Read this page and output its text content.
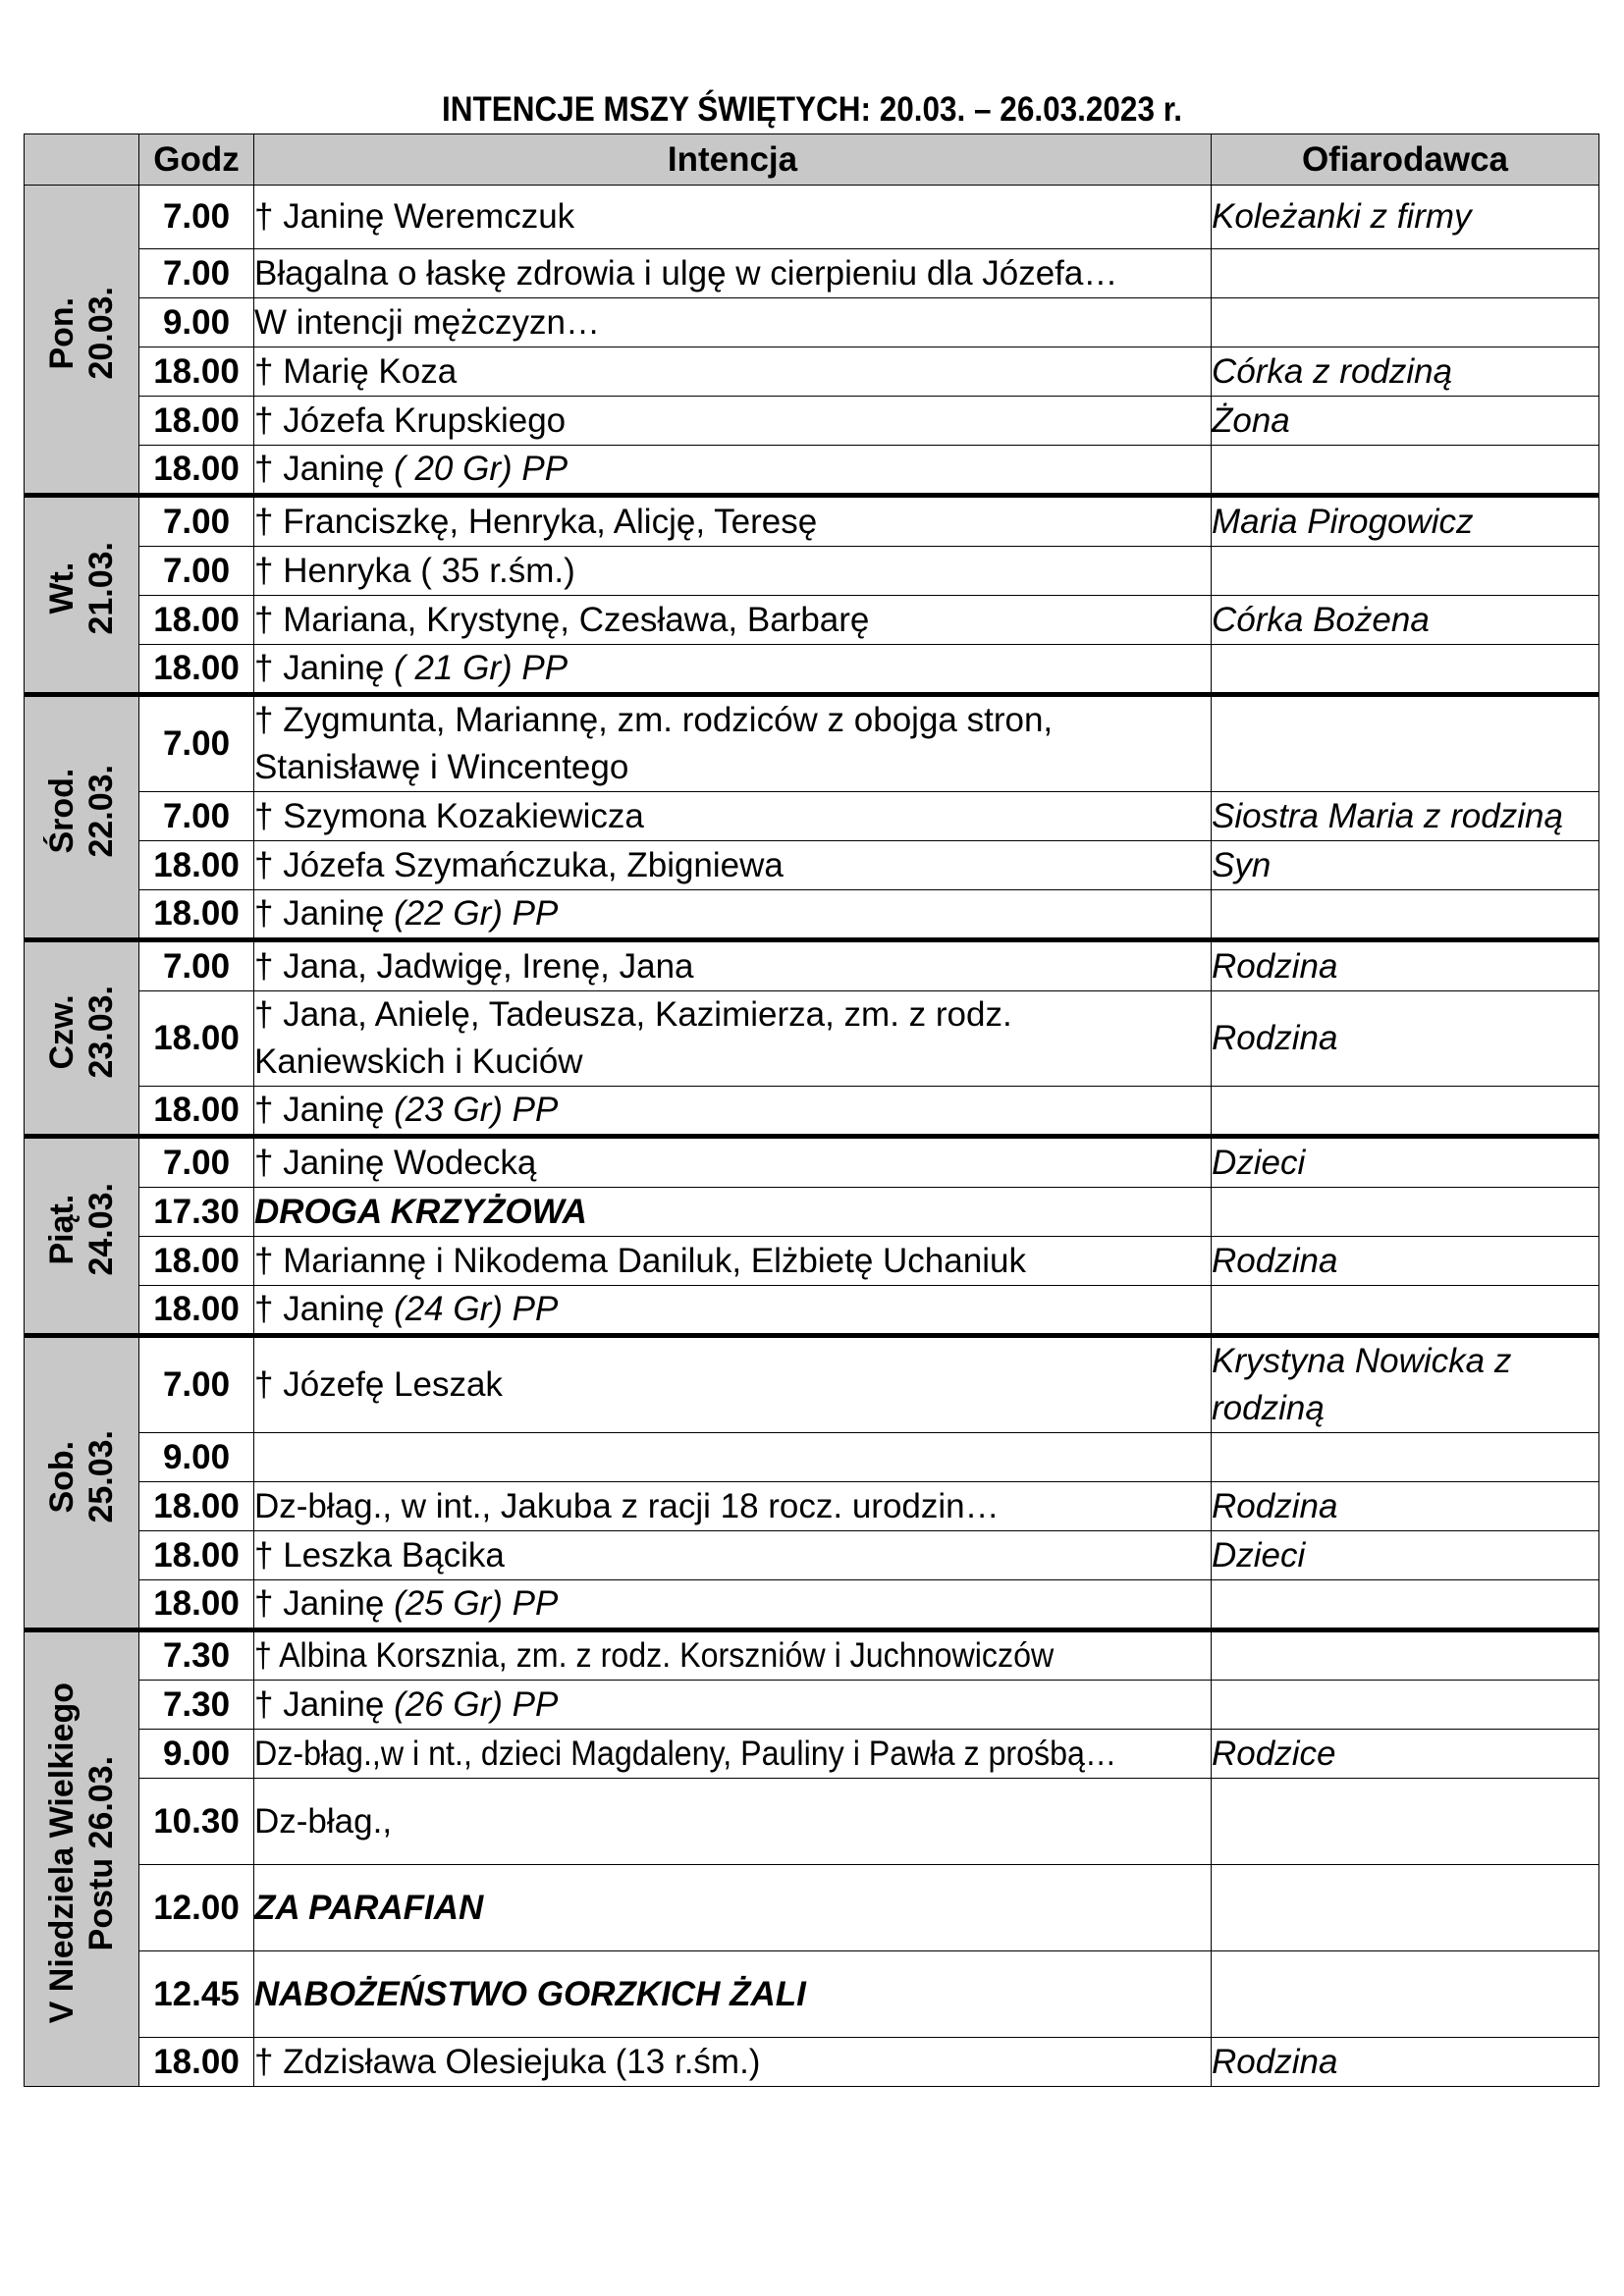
INTENCJE MSZY ŚWIĘTYCH: 20.03. – 26.03.2023 r.
	Godz	Intencja	Ofiarodawca
Pon.
20.03.	7.00	† Janinę Weremczuk	Koleżanki z firmy
	7.00	Błagalna o łaskę zdrowia i ulgę w cierpieniu dla Józefa…	
	9.00	W intencji mężczyzn…	
	18.00	† Marię Koza	Córka z rodziną
	18.00	† Józefa Krupskiego	Żona
	18.00	† Janinę ( 20 Gr) PP	
Wt.
21.03.	7.00	† Franciszkę, Henryka, Alicję, Teresę	Maria Pirogowicz
	7.00	† Henryka ( 35 r.śm.)	
	18.00	† Mariana, Krystynę, Czesława, Barbarę	Córka Bożena
	18.00	† Janinę ( 21 Gr) PP	
Środ.
22.03.	7.00	† Zygmunta, Mariannę, zm. rodziców z obojga stron,
Stanisławę i Wincentego	
	7.00	† Szymona Kozakiewicza	Siostra Maria z rodziną
	18.00	† Józefa Szymańczuka, Zbigniewa	Syn
	18.00	† Janinę (22 Gr) PP	
Czw.
23.03.	7.00	† Jana, Jadwigę, Irenę, Jana	Rodzina
	18.00	† Jana, Anielę, Tadeusza, Kazimierza, zm. z rodz.
Kaniewskich i Kuciów	Rodzina
	18.00	† Janinę (23 Gr) PP	
Piąt.
24.03.	7.00	† Janinę Wodecką	Dzieci
	17.30	DROGA KRZYŻOWA	
	18.00	† Mariannę i Nikodema Daniluk, Elżbietę Uchaniuk	Rodzina
	18.00	† Janinę (24 Gr) PP	
Sob.
25.03.	7.00	† Józefę Leszak	Krystyna Nowicka z
rodziną
	9.00		
	18.00	Dz-błag., w int., Jakuba z racji 18 rocz. urodzin…	Rodzina
	18.00	† Leszka Bącika	Dzieci
	18.00	† Janinę (25 Gr) PP	
V Niedziela Wielkiego
Postu 26.03.	7.30	† Albina Korsznia, zm. z rodz. Korszniów i Juchnowiczów	
	7.30	† Janinę (26 Gr) PP	
	9.00	Dz-błag.,w i nt., dzieci Magdaleny, Pauliny i Pawła z prośbą…	Rodzice
	10.30	Dz-błag.,	
	12.00	ZA PARAFIAN	
	12.45	NABOŻEŃSTWO GORZKICH ŻALI	
	18.00	† Zdzisława Olesiejuka (13 r.śm.)	Rodzina
